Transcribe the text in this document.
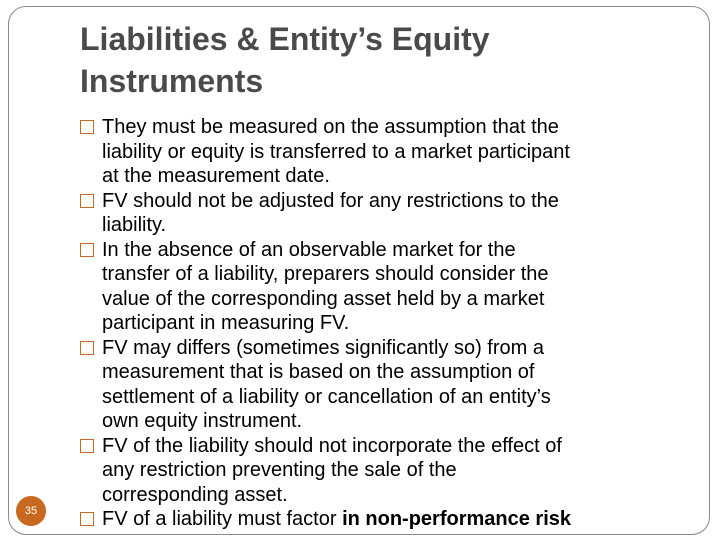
Liabilities & Entity’s Equity
Instruments
They must be measured on the assumption that the
liability or equity is transferred to a market participant
at the measurement date.
FV should not be adjusted for any restrictions to the
liability.
In the absence of an observable market for the
transfer of a liability, preparers should consider the
value of the corresponding asset held by a market
participant in measuring FV.
FV may differs (sometimes significantly so) from a
measurement that is based on the assumption of
settlement of a liability or cancellation of an entity’s
own equity instrument.
FV of the liability should not incorporate the effect of
any restriction preventing the sale of the
corresponding asset.
FV of a liability must factor in non-performance risk
35
